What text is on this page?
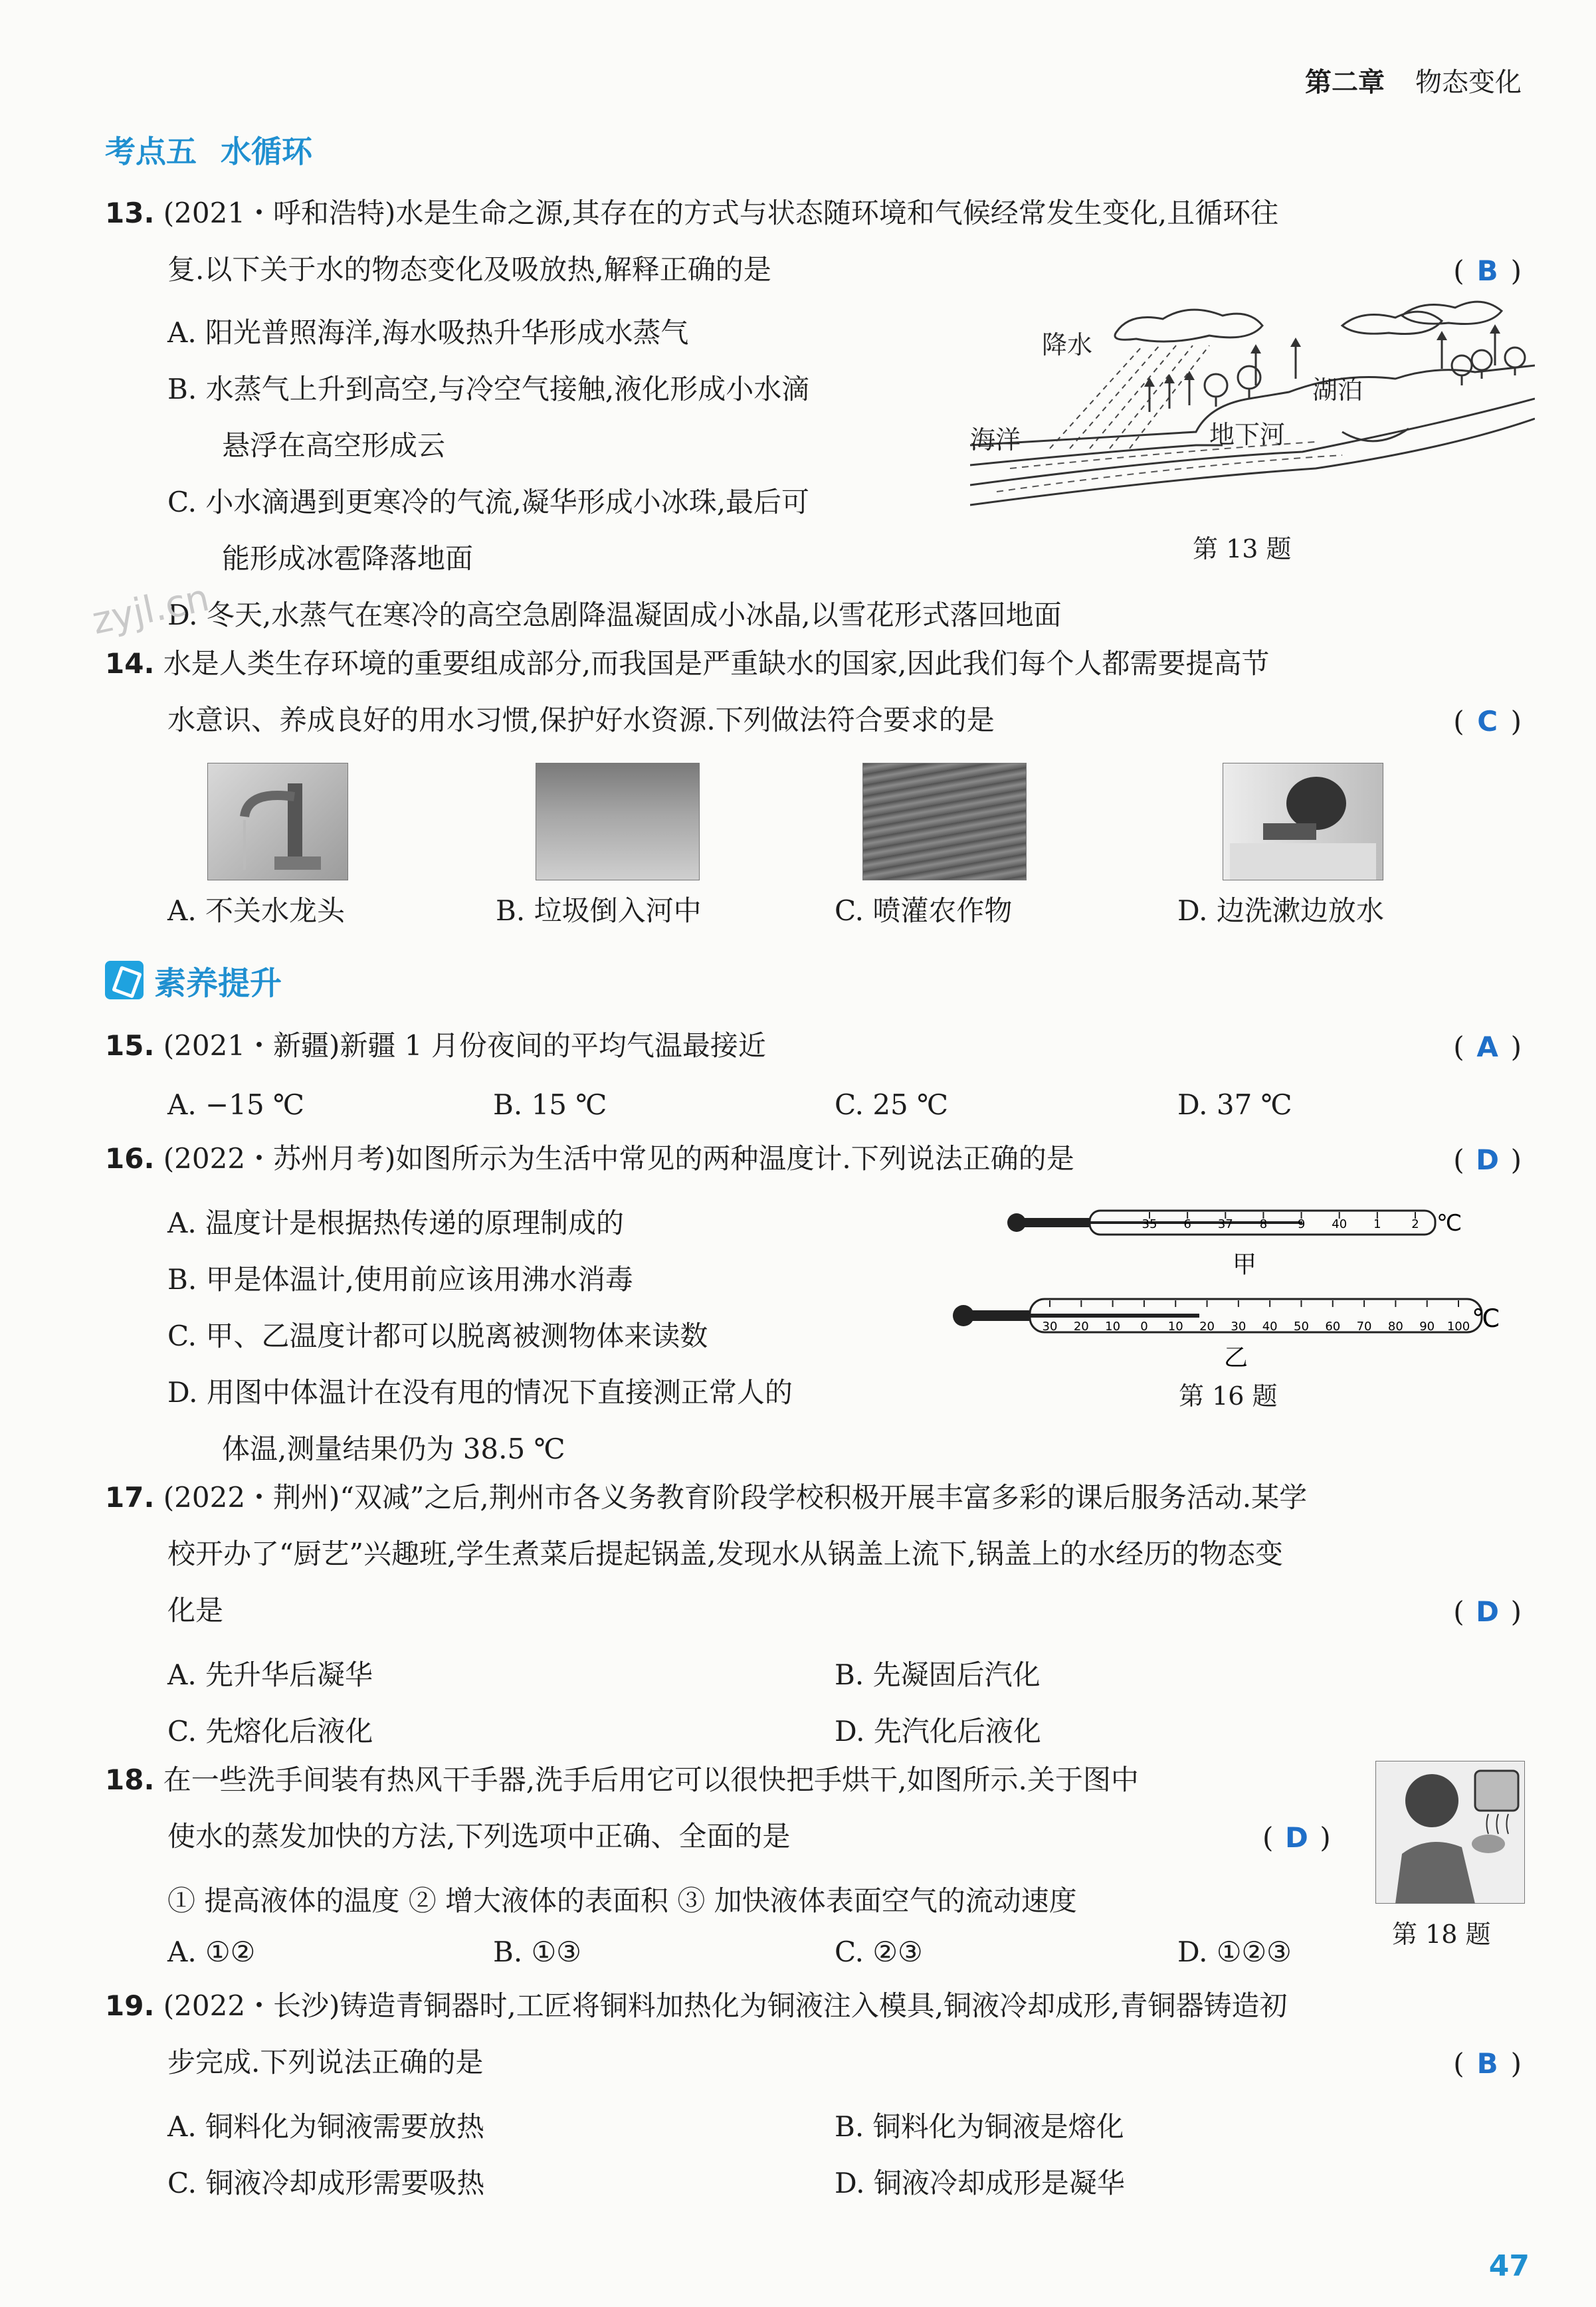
第二章 物态变化
考点五 水循环
13. (2021・呼和浩特)水是生命之源,其存在的方式与状态随环境和气候经常发生变化,且循环往
复.以下关于水的物态变化及吸放热,解释正确的是	( B )
A. 阳光普照海洋,海水吸热升华形成水蒸气
B. 水蒸气上升到高空,与冷空气接触,液化形成小水滴
悬浮在高空形成云
C. 小水滴遇到更寒冷的气流,凝华形成小冰珠,最后可
能形成冰雹降落地面
D. 冬天,水蒸气在寒冷的高空急剧降温凝固成小冰晶,以雪花形式落回地面
zyjl.cn
降水
海洋	地下河
湖泊
第 13 题
14. 水是人类生存环境的重要组成部分,而我国是严重缺水的国家,因此我们每个人都需要提高节
水意识、养成良好的用水习惯,保护好水资源.下列做法符合要求的是	( C )
A. 不关水龙头	B. 垃圾倒入河中	C. 喷灌农作物	D. 边洗漱边放水
素养提升
15. (2021・新疆)新疆 1 月份夜间的平均气温最接近	( A )
A. −15 ℃	B. 15 ℃	C. 25 ℃	D. 37 ℃
16. (2022・苏州月考)如图所示为生活中常见的两种温度计.下列说法正确的是	( D )
A. 温度计是根据热传递的原理制成的
B. 甲是体温计,使用前应该用沸水消毒
C. 甲、乙温度计都可以脱离被测物体来读数
D. 用图中体温计在没有甩的情况下直接测正常人的
体温,测量结果仍为 38.5 ℃
35 6 37 8	9 40 1	2 ℃
甲
30 20 10 0 10 20 30 40 50 60 70 80 90 100 ℃
乙
第 16 题
17. (2022・荆州)“双减”之后,荆州市各义务教育阶段学校积极开展丰富多彩的课后服务活动.某学
校开办了“厨艺”兴趣班,学生煮菜后提起锅盖,发现水从锅盖上流下,锅盖上的水经历的物态变
化是	( D )
A. 先升华后凝华	B. 先凝固后汽化
C. 先熔化后液化	D. 先汽化后液化
18. 在一些洗手间装有热风干手器,洗手后用它可以很快把手烘干,如图所示.关于图中
使水的蒸发加快的方法,下列选项中正确、全面的是	( D )
① 提高液体的温度 ② 增大液体的表面积 ③ 加快液体表面空气的流动速度
A. ①②	B. ①③	C. ②③	D. ①②③
第 18 题
19. (2022・长沙)铸造青铜器时,工匠将铜料加热化为铜液注入模具,铜液冷却成形,青铜器铸造初
步完成.下列说法正确的是	( B )
A. 铜料化为铜液需要放热	B. 铜料化为铜液是熔化
C. 铜液冷却成形需要吸热	D. 铜液冷却成形是凝华
47
